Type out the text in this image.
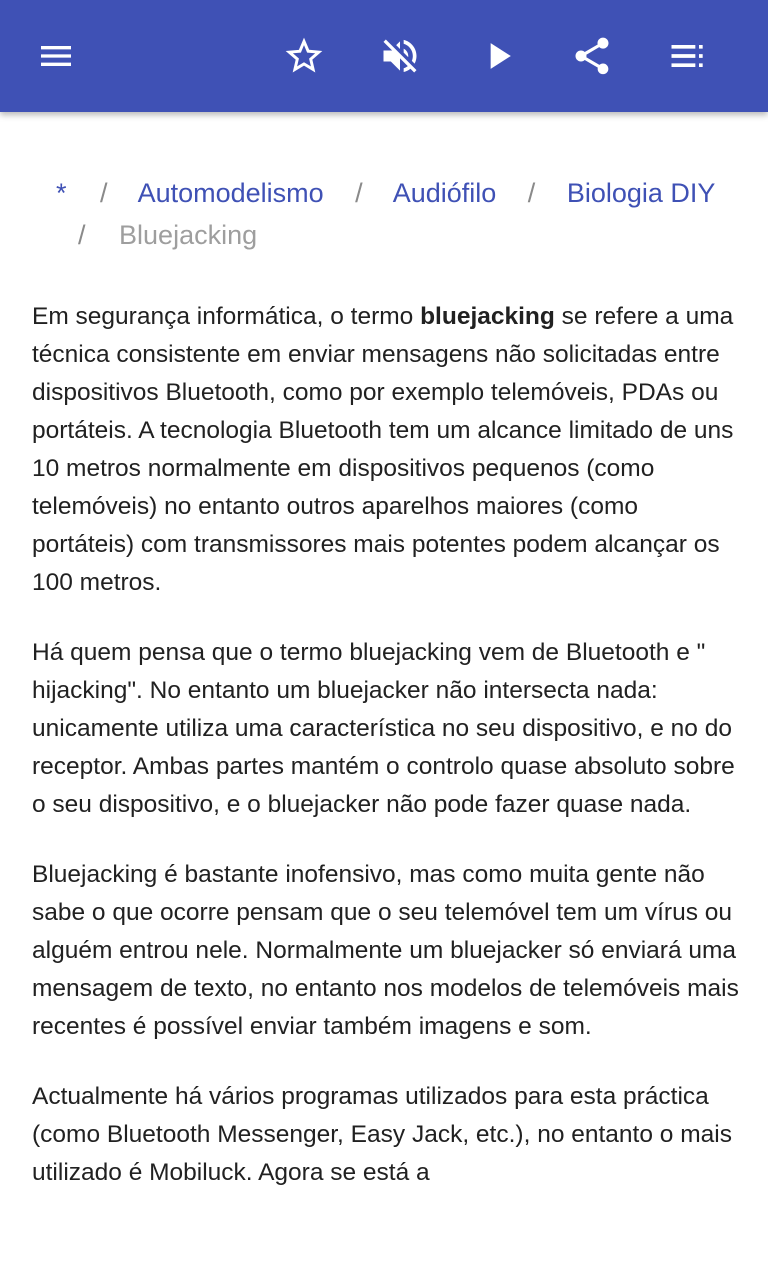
* / Automodelismo / Audiófilo / Biologia DIY
/ Bluejacking

Em segurança informática, o termo bluejacking se refere a uma técnica consistente em enviar mensagens não solicitadas entre dispositivos Bluetooth, como por exemplo telemóveis, PDAs ou portáteis. A tecnologia Bluetooth tem um alcance limitado de uns 10 metros normalmente em dispositivos pequenos (como telemóveis) no entanto outros aparelhos maiores (como portáteis) com transmissores mais potentes podem alcançar os 100 metros.

Há quem pensa que o termo bluejacking vem de Bluetooth e " hijacking". No entanto um bluejacker não intersecta nada: unicamente utiliza uma característica no seu dispositivo, e no do receptor. Ambas partes mantém o controlo quase absoluto sobre o seu dispositivo, e o bluejacker não pode fazer quase nada.

Bluejacking é bastante inofensivo, mas como muita gente não sabe o que ocorre pensam que o seu telemóvel tem um vírus ou alguém entrou nele. Normalmente um bluejacker só enviará uma mensagem de texto, no entanto nos modelos de telemóveis mais recentes é possível enviar também imagens e som.

Actualmente há vários programas utilizados para esta práctica (como Bluetooth Messenger, Easy Jack, etc.), no entanto o mais utilizado é Mobiluck. Agora se está a
